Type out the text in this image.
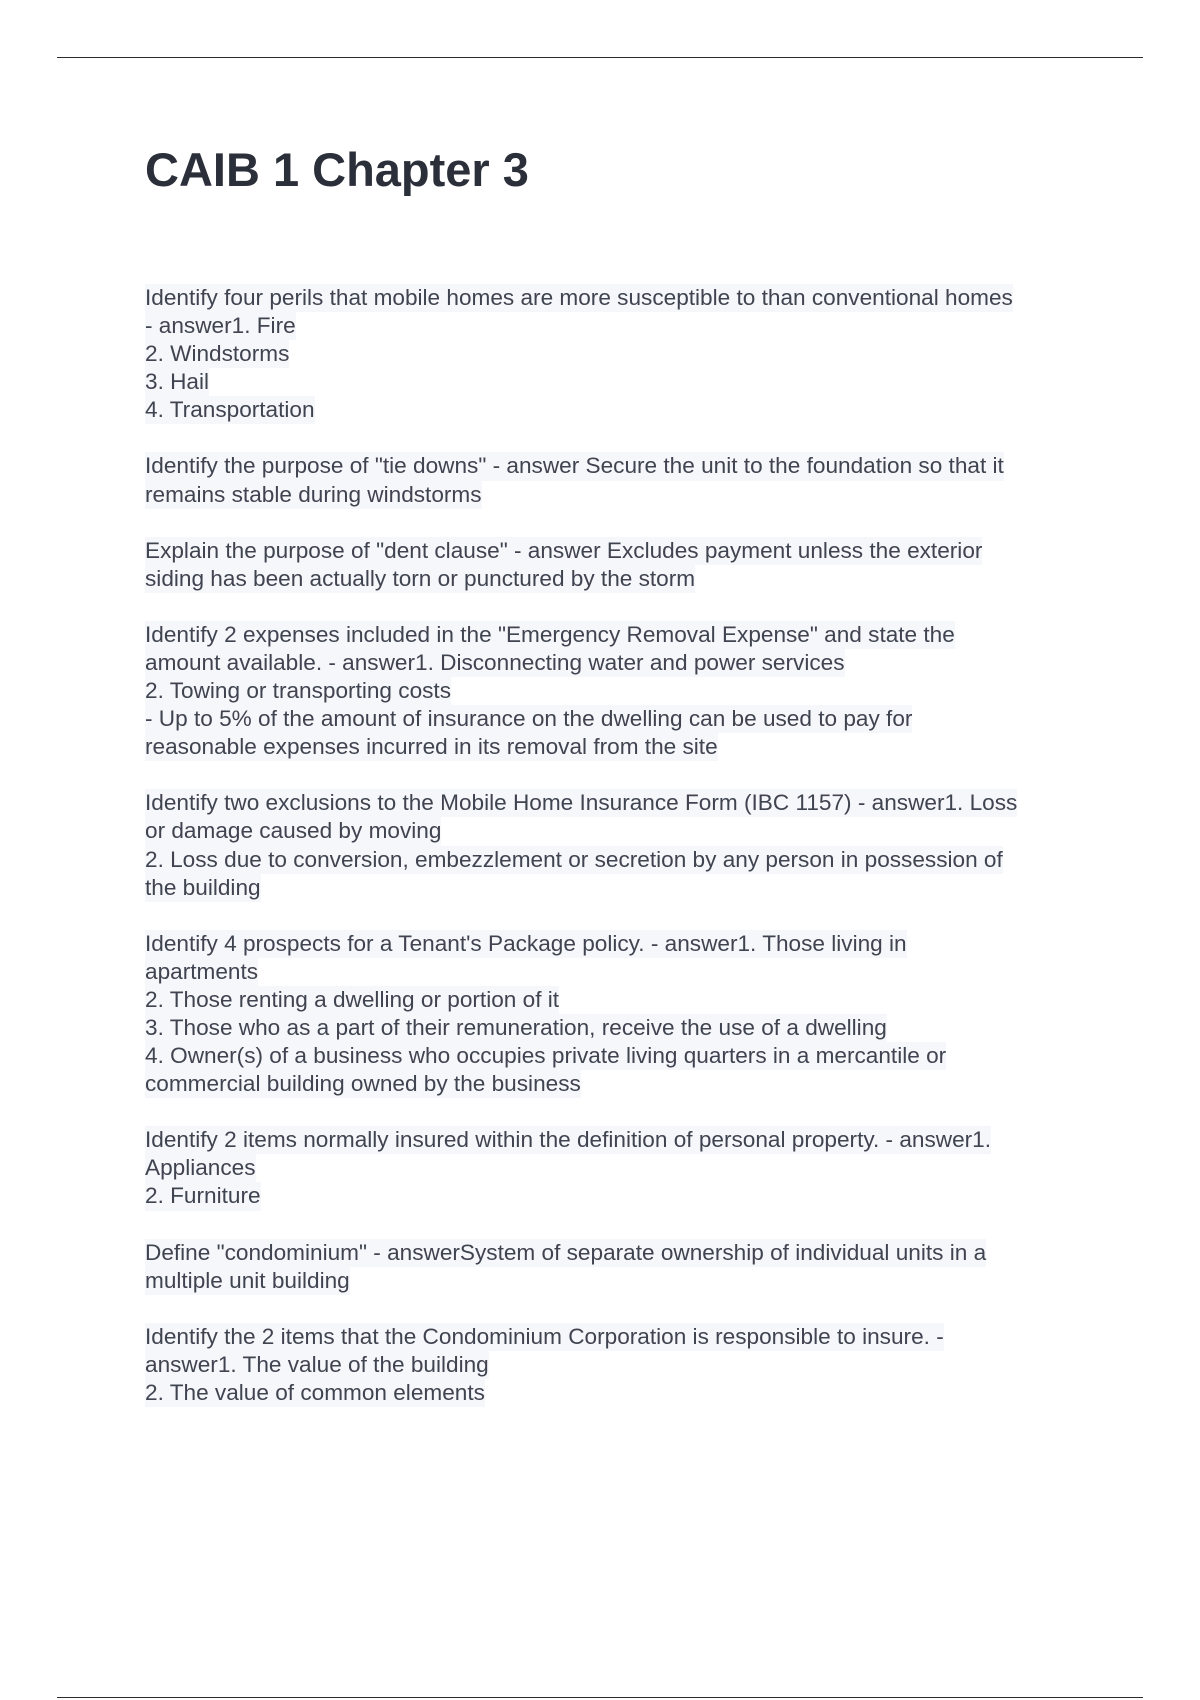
CAIB 1 Chapter 3
Identify four perils that mobile homes are more susceptible to than conventional homes
- answer1. Fire
2. Windstorms
3. Hail
4. Transportation
Identify the purpose of "tie downs" - answer Secure the unit to the foundation so that it
remains stable during windstorms
Explain the purpose of "dent clause" - answer Excludes payment unless the exterior
siding has been actually torn or punctured by the storm
Identify 2 expenses included in the "Emergency Removal Expense" and state the
amount available. - answer1. Disconnecting water and power services
2. Towing or transporting costs
- Up to 5% of the amount of insurance on the dwelling can be used to pay for
reasonable expenses incurred in its removal from the site
Identify two exclusions to the Mobile Home Insurance Form (IBC 1157) - answer1. Loss
or damage caused by moving
2. Loss due to conversion, embezzlement or secretion by any person in possession of
the building
Identify 4 prospects for a Tenant's Package policy. - answer1. Those living in
apartments
2. Those renting a dwelling or portion of it
3. Those who as a part of their remuneration, receive the use of a dwelling
4. Owner(s) of a business who occupies private living quarters in a mercantile or
commercial building owned by the business
Identify 2 items normally insured within the definition of personal property. - answer1.
Appliances
2. Furniture
Define "condominium" - answerSystem of separate ownership of individual units in a
multiple unit building
Identify the 2 items that the Condominium Corporation is responsible to insure. -
answer1. The value of the building
2. The value of common elements
